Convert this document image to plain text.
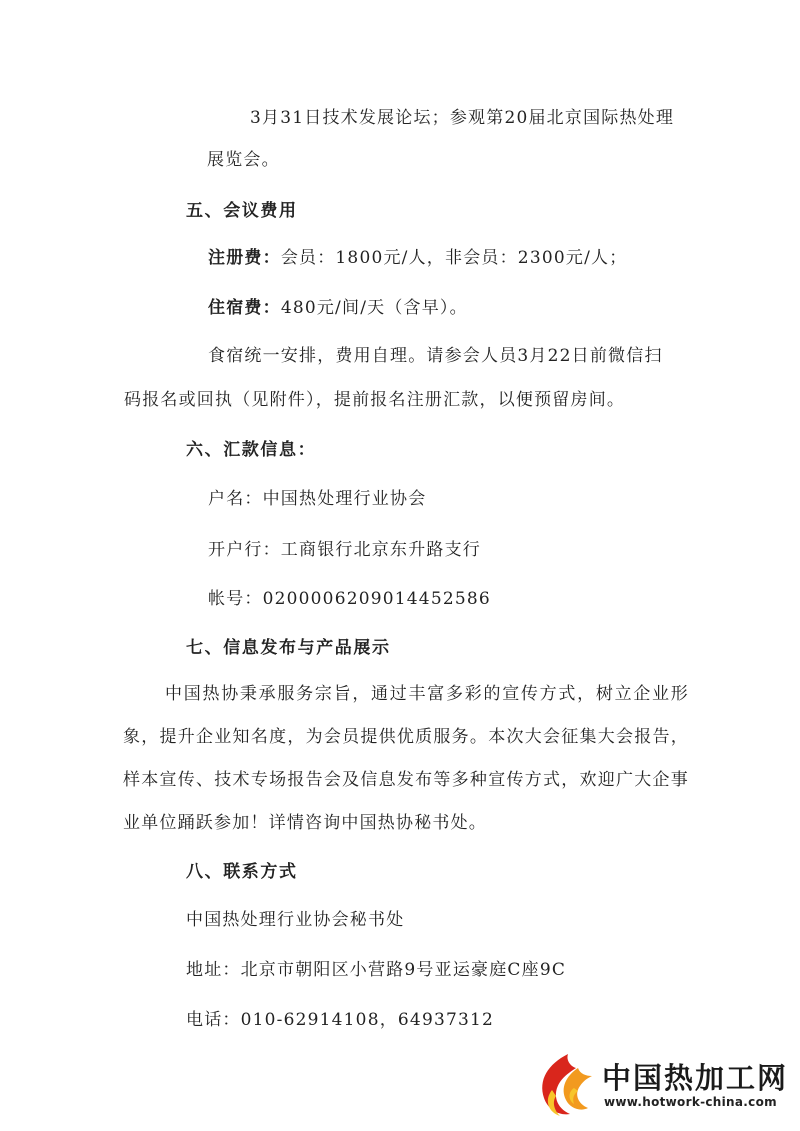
3月31日技术发展论坛；参观第20届北京国际热处理
展览会。
五、会议费用
注册费：会员：1800元/人，非会员：2300元/人；
住宿费：480元/间/天（含早）。
食宿统一安排，费用自理。请参会人员3月22日前微信扫
码报名或回执（见附件），提前报名注册汇款，以便预留房间。
六、汇款信息：
户名：中国热处理行业协会
开户行：工商银行北京东升路支行
帐号：0200006209014452586
七、信息发布与产品展示
中国热协秉承服务宗旨，通过丰富多彩的宣传方式，树立企业形象，提升企业知名度，为会员提供优质服务。本次大会征集大会报告，样本宣传、技术专场报告会及信息发布等多种宣传方式，欢迎广大企事业单位踊跃参加！详情咨询中国热协秘书处。
八、联系方式
中国热处理行业协会秘书处
地址：北京市朝阳区小营路9号亚运豪庭C座9C
电话：010-62914108，64937312
中国热加工网
www.hotwork-china.com
